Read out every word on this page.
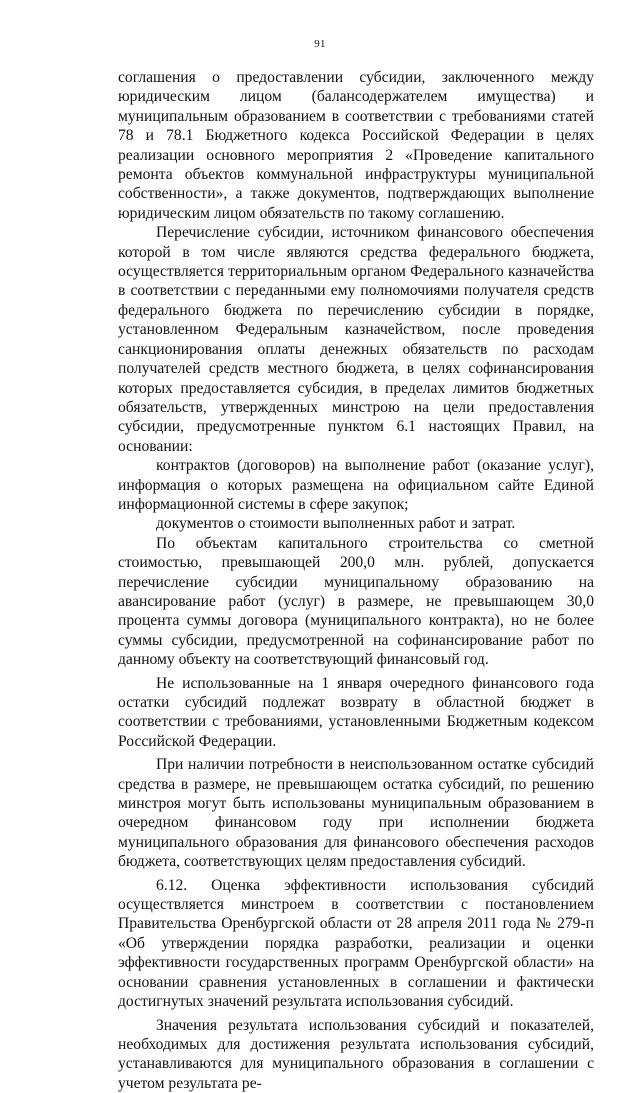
91

соглашения о предоставлении субсидии, заключенного между юридическим лицом (балансодержателем имущества) и муниципальным образованием в соответствии с требованиями статей 78 и 78.1 Бюджетного кодекса Российской Федерации в целях реализации основного мероприятия 2 «Проведение капитального ремонта объектов коммунальной инфраструктуры муниципальной собственности», а также документов, подтверждающих выполнение юридическим лицом обязательств по такому соглашению.

Перечисление субсидии, источником финансового обеспечения которой в том числе являются средства федерального бюджета, осуществляется территориальным органом Федерального казначейства в соответствии с переданными ему полномочиями получателя средств федерального бюджета по перечислению субсидии в порядке, установленном Федеральным казначейством, после проведения санкционирования оплаты денежных обязательств по расходам получателей средств местного бюджета, в целях софинансирования которых предоставляется субсидия, в пределах лимитов бюджетных обязательств, утвержденных минстрою на цели предоставления субсидии, предусмотренные пунктом 6.1 настоящих Правил, на основании:

контрактов (договоров) на выполнение работ (оказание услуг), информация о которых размещена на официальном сайте Единой информационной системы в сфере закупок;

документов о стоимости выполненных работ и затрат.

По объектам капитального строительства со сметной стоимостью, превышающей 200,0 млн. рублей, допускается перечисление субсидии муниципальному образованию на авансирование работ (услуг) в размере, не превышающем 30,0 процента суммы договора (муниципального контракта), но не более суммы субсидии, предусмотренной на софинансирование работ по данному объекту на соответствующий финансовый год.

Не использованные на 1 января очередного финансового года остатки субсидий подлежат возврату в областной бюджет в соответствии с требованиями, установленными Бюджетным кодексом Российской Федерации.

При наличии потребности в неиспользованном остатке субсидий средства в размере, не превышающем остатка субсидий, по решению минстроя могут быть использованы муниципальным образованием в очередном финансовом году при исполнении бюджета муниципального образования для финансового обеспечения расходов бюджета, соответствующих целям предоставления субсидий.

6.12. Оценка эффективности использования субсидий осуществляется минстроем в соответствии с постановлением Правительства Оренбургской области от 28 апреля 2011 года № 279-п «Об утверждении порядка разработки, реализации и оценки эффективности государственных программ Оренбургской области» на основании сравнения установленных в соглашении и фактически достигнутых значений результата использования субсидий.

Значения результата использования субсидий и показателей, необходимых для достижения результата использования субсидий, устанавливаются для муниципального образования в соглашении с учетом результата ре-
